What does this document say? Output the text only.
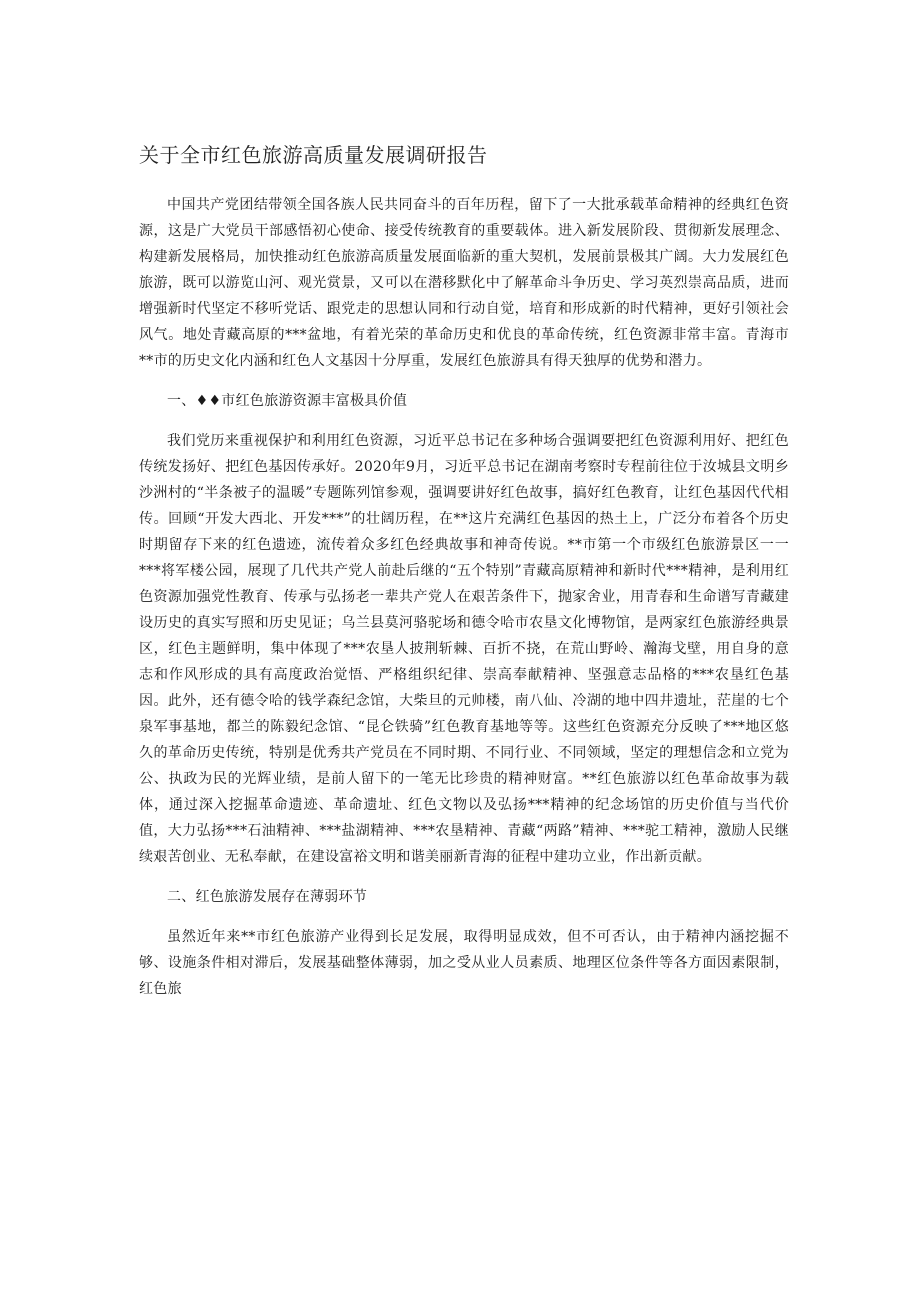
关于全市红色旅游高质量发展调研报告

中国共产党团结带领全国各族人民共同奋斗的百年历程，留下了一大批承载革命精神的经典红色资源，这是广大党员干部感悟初心使命、接受传统教育的重要载体。进入新发展阶段、贯彻新发展理念、构建新发展格局，加快推动红色旅游高质量发展面临新的重大契机，发展前景极其广阔。大力发展红色旅游，既可以游览山河、观光赏景，又可以在潜移默化中了解革命斗争历史、学习英烈崇高品质，进而增强新时代坚定不移听党话、跟党走的思想认同和行动自觉，培育和形成新的时代精神，更好引领社会风气。地处青藏高原的***盆地，有着光荣的革命历史和优良的革命传统，红色资源非常丰富。青海市**市的历史文化内涵和红色人文基因十分厚重，发展红色旅游具有得天独厚的优势和潜力。

一、♦♦市红色旅游资源丰富极具价值

我们党历来重视保护和利用红色资源，习近平总书记在多种场合强调要把红色资源利用好、把红色传统发扬好、把红色基因传承好。2020年9月，习近平总书记在湖南考察时专程前往位于汝城县文明乡沙洲村的“半条被子的温暖”专题陈列馆参观，强调要讲好红色故事，搞好红色教育，让红色基因代代相传。回顾“开发大西北、开发***”的壮阔历程，在**这片充满红色基因的热土上，广泛分布着各个历史时期留存下来的红色遗迹，流传着众多红色经典故事和神奇传说。**市第一个市级红色旅游景区一一***将军楼公园，展现了几代共产党人前赴后继的“五个特别”青藏高原精神和新时代***精神，是利用红色资源加强党性教育、传承与弘扬老一辈共产党人在艰苦条件下，抛家舍业，用青春和生命谱写青藏建设历史的真实写照和历史见证；乌兰县莫河骆驼场和德令哈市农垦文化博物馆，是两家红色旅游经典景区，红色主题鲜明，集中体现了***农垦人披荆斩棘、百折不挠，在荒山野岭、瀚海戈壁，用自身的意志和作风形成的具有高度政治觉悟、严格组织纪律、崇高奉献精神、坚强意志品格的***农垦红色基因。此外，还有德令哈的钱学森纪念馆，大柴旦的元帅楼，南八仙、冷湖的地中四井遗址，茫崖的七个泉军事基地，都兰的陈毅纪念馆、“昆仑铁骑”红色教育基地等等。这些红色资源充分反映了***地区悠久的革命历史传统，特别是优秀共产党员在不同时期、不同行业、不同领域，坚定的理想信念和立党为公、执政为民的光辉业绩，是前人留下的一笔无比珍贵的精神财富。**红色旅游以红色革命故事为载体，通过深入挖掘革命遗迹、革命遗址、红色文物以及弘扬***精神的纪念场馆的历史价值与当代价值，大力弘扬***石油精神、***盐湖精神、***农垦精神、青藏“两路”精神、***驼工精神，激励人民继续艰苦创业、无私奉献，在建设富裕文明和谐美丽新青海的征程中建功立业，作出新贡献。

二、红色旅游发展存在薄弱环节

虽然近年来**市红色旅游产业得到长足发展，取得明显成效，但不可否认，由于精神内涵挖掘不够、设施条件相对滞后，发展基础整体薄弱，加之受从业人员素质、地理区位条件等各方面因素限制，红色旅
